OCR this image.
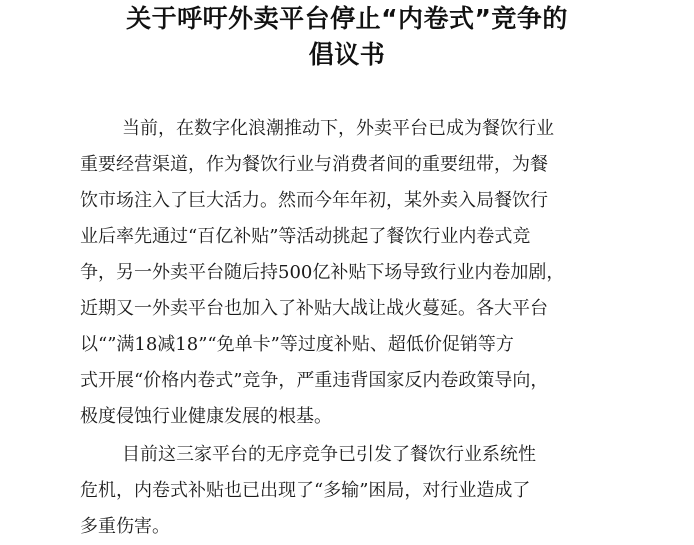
关于呼吁外卖平台停止“内卷式”竞争的
倡议书
当前，在数字化浪潮推动下，外卖平台已成为餐饮行业
重要经营渠道，作为餐饮行业与消费者间的重要纽带，为餐
饮市场注入了巨大活力。然而今年年初，某外卖入局餐饮行
业后率先通过“百亿补贴”等活动挑起了餐饮行业内卷式竞
争，另一外卖平台随后持500亿补贴下场导致行业内卷加剧，
近期又一外卖平台也加入了补贴大战让战火蔓延。各大平台
以“”满18减18”“免单卡”等过度补贴、超低价促销等方
式开展“价格内卷式”竞争，严重违背国家反内卷政策导向，
极度侵蚀行业健康发展的根基。
目前这三家平台的无序竞争已引发了餐饮行业系统性
危机，内卷式补贴也已出现了“多输”困局，对行业造成了
多重伤害。
